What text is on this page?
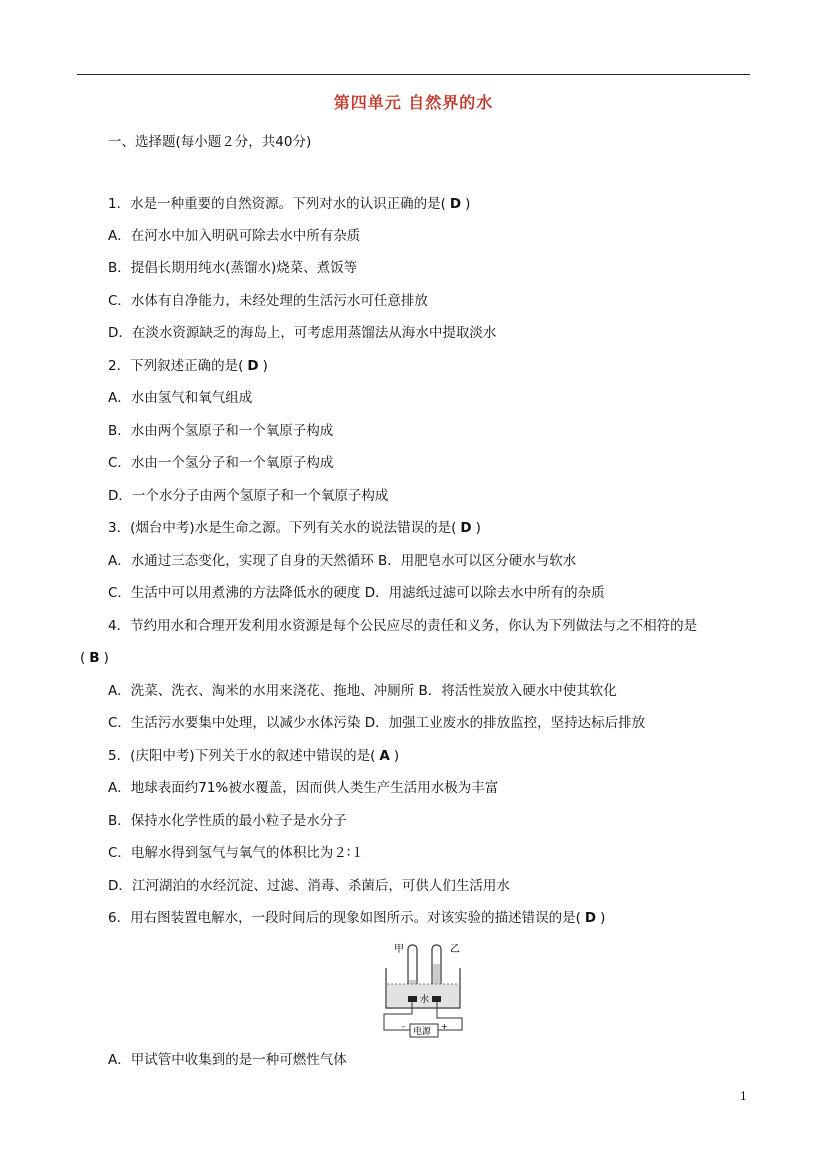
第四单元 自然界的水
一、选择题(每小题２分，共40分)
1．水是一种重要的自然资源。下列对水的认识正确的是( D )
A．在河水中加入明矾可除去水中所有杂质
B．提倡长期用纯水(蒸馏水)烧菜、煮饭等
C．水体有自净能力，未经处理的生活污水可任意排放
D．在淡水资源缺乏的海岛上，可考虑用蒸馏法从海水中提取淡水
2．下列叙述正确的是( D )
A．水由氢气和氧气组成
B．水由两个氢原子和一个氧原子构成
C．水由一个氢分子和一个氧原子构成
D．一个水分子由两个氢原子和一个氧原子构成
3．(烟台中考)水是生命之源。下列有关水的说法错误的是( D )
A．水通过三态变化，实现了自身的天然循环 B．用肥皂水可以区分硬水与软水
C．生活中可以用煮沸的方法降低水的硬度 D．用滤纸过滤可以除去水中所有的杂质
4．节约用水和合理开发利用水资源是每个公民应尽的责任和义务，你认为下列做法与之不相符的是
( B )
A．洗菜、洗衣、淘米的水用来浇花、拖地、冲厕所 B．将活性炭放入硬水中使其软化
C．生活污水要集中处理，以减少水体污染 D．加强工业废水的排放监控，坚持达标后排放
5．(庆阳中考)下列关于水的叙述中错误的是( A )
A．地球表面约71%被水覆盖，因而供人类生产生活用水极为丰富
B．保持水化学性质的最小粒子是水分子
C．电解水得到氢气与氧气的体积比为２∶１
D．江河湖泊的水经沉淀、过滤、消毒、杀菌后，可供人们生活用水
6．用右图装置电解水，一段时间后的现象如图所示。对该实验的描述错误的是( D )
甲	乙
水
电源
-	+
A．甲试管中收集到的是一种可燃性气体
1
